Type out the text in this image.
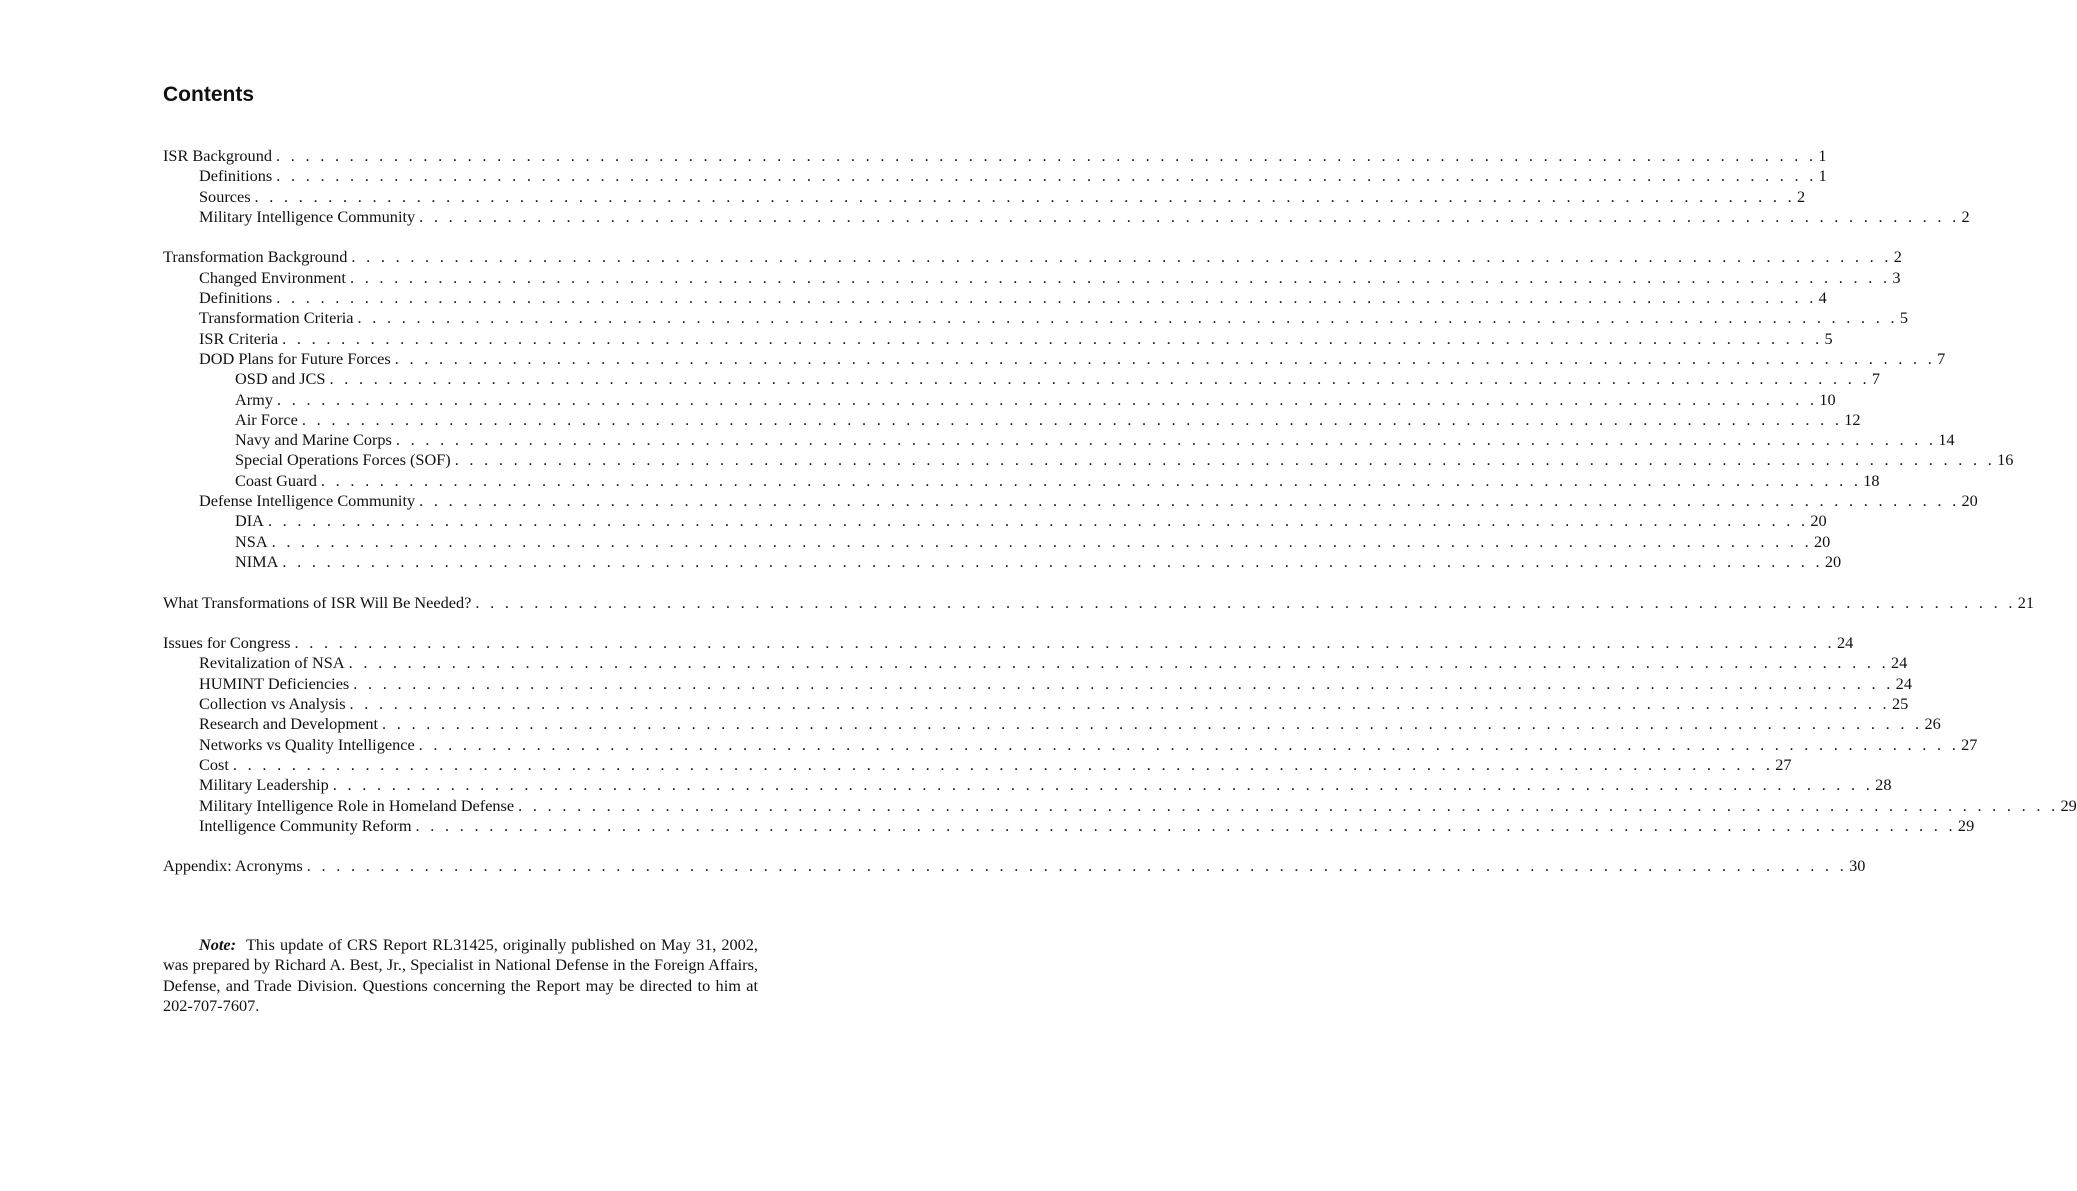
Contents
ISR Background . . . . . . . . . . . . . . . . . . . . . . . . . . . . . . . . . . . . . . . . . . . . . . . . . . . . . . . . . . . . . . . . . . . . . . . . . . . . . . . . . . . . . . . . . . . . . . . . . . . . . . . . . 1
Definitions . . . . . . . . . . . . . . . . . . . . . . . . . . . . . . . . . . . . . . . . . . . . . . . . . . . . . . . . . . . . . . . . . . . . . . . . . . . . . . . . . . . . . . . . . . . . . . . . . . . . . . . . . 1
Sources . . . . . . . . . . . . . . . . . . . . . . . . . . . . . . . . . . . . . . . . . . . . . . . . . . . . . . . . . . . . . . . . . . . . . . . . . . . . . . . . . . . . . . . . . . . . . . . . . . . . . . . . . 2
Military Intelligence Community . . . . . . . . . . . . . . . . . . . . . . . . . . . . . . . . . . . . . . . . . . . . . . . . . . . . . . . . . . . . . . . . . . . . . . . . . . . . . . . . . . . . . . . . . . . . . . . . . . . . . . . . . 2
Transformation Background . . . . . . . . . . . . . . . . . . . . . . . . . . . . . . . . . . . . . . . . . . . . . . . . . . . . . . . . . . . . . . . . . . . . . . . . . . . . . . . . . . . . . . . . . . . . . . . . . . . . . . . . . 2
Changed Environment . . . . . . . . . . . . . . . . . . . . . . . . . . . . . . . . . . . . . . . . . . . . . . . . . . . . . . . . . . . . . . . . . . . . . . . . . . . . . . . . . . . . . . . . . . . . . . . . . . . . . . . . . 3
Definitions . . . . . . . . . . . . . . . . . . . . . . . . . . . . . . . . . . . . . . . . . . . . . . . . . . . . . . . . . . . . . . . . . . . . . . . . . . . . . . . . . . . . . . . . . . . . . . . . . . . . . . . . . 4
Transformation Criteria . . . . . . . . . . . . . . . . . . . . . . . . . . . . . . . . . . . . . . . . . . . . . . . . . . . . . . . . . . . . . . . . . . . . . . . . . . . . . . . . . . . . . . . . . . . . . . . . . . . . . . . . . 5
ISR Criteria . . . . . . . . . . . . . . . . . . . . . . . . . . . . . . . . . . . . . . . . . . . . . . . . . . . . . . . . . . . . . . . . . . . . . . . . . . . . . . . . . . . . . . . . . . . . . . . . . . . . . . . . . 5
DOD Plans for Future Forces . . . . . . . . . . . . . . . . . . . . . . . . . . . . . . . . . . . . . . . . . . . . . . . . . . . . . . . . . . . . . . . . . . . . . . . . . . . . . . . . . . . . . . . . . . . . . . . . . . . . . . . . . 7
OSD and JCS . . . . . . . . . . . . . . . . . . . . . . . . . . . . . . . . . . . . . . . . . . . . . . . . . . . . . . . . . . . . . . . . . . . . . . . . . . . . . . . . . . . . . . . . . . . . . . . . . . . . . . . . . 7
Army . . . . . . . . . . . . . . . . . . . . . . . . . . . . . . . . . . . . . . . . . . . . . . . . . . . . . . . . . . . . . . . . . . . . . . . . . . . . . . . . . . . . . . . . . . . . . . . . . . . . . . . . . 10
Air Force . . . . . . . . . . . . . . . . . . . . . . . . . . . . . . . . . . . . . . . . . . . . . . . . . . . . . . . . . . . . . . . . . . . . . . . . . . . . . . . . . . . . . . . . . . . . . . . . . . . . . . . . . 12
Navy and Marine Corps . . . . . . . . . . . . . . . . . . . . . . . . . . . . . . . . . . . . . . . . . . . . . . . . . . . . . . . . . . . . . . . . . . . . . . . . . . . . . . . . . . . . . . . . . . . . . . . . . . . . . . . . . 14
Special Operations Forces (SOF) . . . . . . . . . . . . . . . . . . . . . . . . . . . . . . . . . . . . . . . . . . . . . . . . . . . . . . . . . . . . . . . . . . . . . . . . . . . . . . . . . . . . . . . . . . . . . . . . . . . . . . . . . 16
Coast Guard . . . . . . . . . . . . . . . . . . . . . . . . . . . . . . . . . . . . . . . . . . . . . . . . . . . . . . . . . . . . . . . . . . . . . . . . . . . . . . . . . . . . . . . . . . . . . . . . . . . . . . . . . 18
Defense Intelligence Community . . . . . . . . . . . . . . . . . . . . . . . . . . . . . . . . . . . . . . . . . . . . . . . . . . . . . . . . . . . . . . . . . . . . . . . . . . . . . . . . . . . . . . . . . . . . . . . . . . . . . . . . . 20
DIA . . . . . . . . . . . . . . . . . . . . . . . . . . . . . . . . . . . . . . . . . . . . . . . . . . . . . . . . . . . . . . . . . . . . . . . . . . . . . . . . . . . . . . . . . . . . . . . . . . . . . . . . . 20
NSA . . . . . . . . . . . . . . . . . . . . . . . . . . . . . . . . . . . . . . . . . . . . . . . . . . . . . . . . . . . . . . . . . . . . . . . . . . . . . . . . . . . . . . . . . . . . . . . . . . . . . . . . . 20
NIMA . . . . . . . . . . . . . . . . . . . . . . . . . . . . . . . . . . . . . . . . . . . . . . . . . . . . . . . . . . . . . . . . . . . . . . . . . . . . . . . . . . . . . . . . . . . . . . . . . . . . . . . . . 20
What Transformations of ISR Will Be Needed? . . . . . . . . . . . . . . . . . . . . . . . . . . . . . . . . . . . . . . . . . . . . . . . . . . . . . . . . . . . . . . . . . . . . . . . . . . . . . . . . . . . . . . . . . . . . . . . . . . . . . . . . . 21
Issues for Congress . . . . . . . . . . . . . . . . . . . . . . . . . . . . . . . . . . . . . . . . . . . . . . . . . . . . . . . . . . . . . . . . . . . . . . . . . . . . . . . . . . . . . . . . . . . . . . . . . . . . . . . . . 24
Revitalization of NSA . . . . . . . . . . . . . . . . . . . . . . . . . . . . . . . . . . . . . . . . . . . . . . . . . . . . . . . . . . . . . . . . . . . . . . . . . . . . . . . . . . . . . . . . . . . . . . . . . . . . . . . . . 24
HUMINT Deficiencies . . . . . . . . . . . . . . . . . . . . . . . . . . . . . . . . . . . . . . . . . . . . . . . . . . . . . . . . . . . . . . . . . . . . . . . . . . . . . . . . . . . . . . . . . . . . . . . . . . . . . . . . . 24
Collection vs Analysis . . . . . . . . . . . . . . . . . . . . . . . . . . . . . . . . . . . . . . . . . . . . . . . . . . . . . . . . . . . . . . . . . . . . . . . . . . . . . . . . . . . . . . . . . . . . . . . . . . . . . . . . . 25
Research and Development . . . . . . . . . . . . . . . . . . . . . . . . . . . . . . . . . . . . . . . . . . . . . . . . . . . . . . . . . . . . . . . . . . . . . . . . . . . . . . . . . . . . . . . . . . . . . . . . . . . . . . . . . 26
Networks vs Quality Intelligence . . . . . . . . . . . . . . . . . . . . . . . . . . . . . . . . . . . . . . . . . . . . . . . . . . . . . . . . . . . . . . . . . . . . . . . . . . . . . . . . . . . . . . . . . . . . . . . . . . . . . . . . . 27
Cost . . . . . . . . . . . . . . . . . . . . . . . . . . . . . . . . . . . . . . . . . . . . . . . . . . . . . . . . . . . . . . . . . . . . . . . . . . . . . . . . . . . . . . . . . . . . . . . . . . . . . . . . . 27
Military Leadership . . . . . . . . . . . . . . . . . . . . . . . . . . . . . . . . . . . . . . . . . . . . . . . . . . . . . . . . . . . . . . . . . . . . . . . . . . . . . . . . . . . . . . . . . . . . . . . . . . . . . . . . . 28
Military Intelligence Role in Homeland Defense . . . . . . . . . . . . . . . . . . . . . . . . . . . . . . . . . . . . . . . . . . . . . . . . . . . . . . . . . . . . . . . . . . . . . . . . . . . . . . . . . . . . . . . . . . . . . . . . . . . . . . . . . 29
Intelligence Community Reform . . . . . . . . . . . . . . . . . . . . . . . . . . . . . . . . . . . . . . . . . . . . . . . . . . . . . . . . . . . . . . . . . . . . . . . . . . . . . . . . . . . . . . . . . . . . . . . . . . . . . . . . . 29
Appendix: Acronyms . . . . . . . . . . . . . . . . . . . . . . . . . . . . . . . . . . . . . . . . . . . . . . . . . . . . . . . . . . . . . . . . . . . . . . . . . . . . . . . . . . . . . . . . . . . . . . . . . . . . . . . . . 30

Note: This update of CRS Report RL31425, originally published on May 31, 2002, was prepared by Richard A. Best, Jr., Specialist in National Defense in the Foreign Affairs, Defense, and Trade Division. Questions concerning the Report may be directed to him at 202-707-7607.
